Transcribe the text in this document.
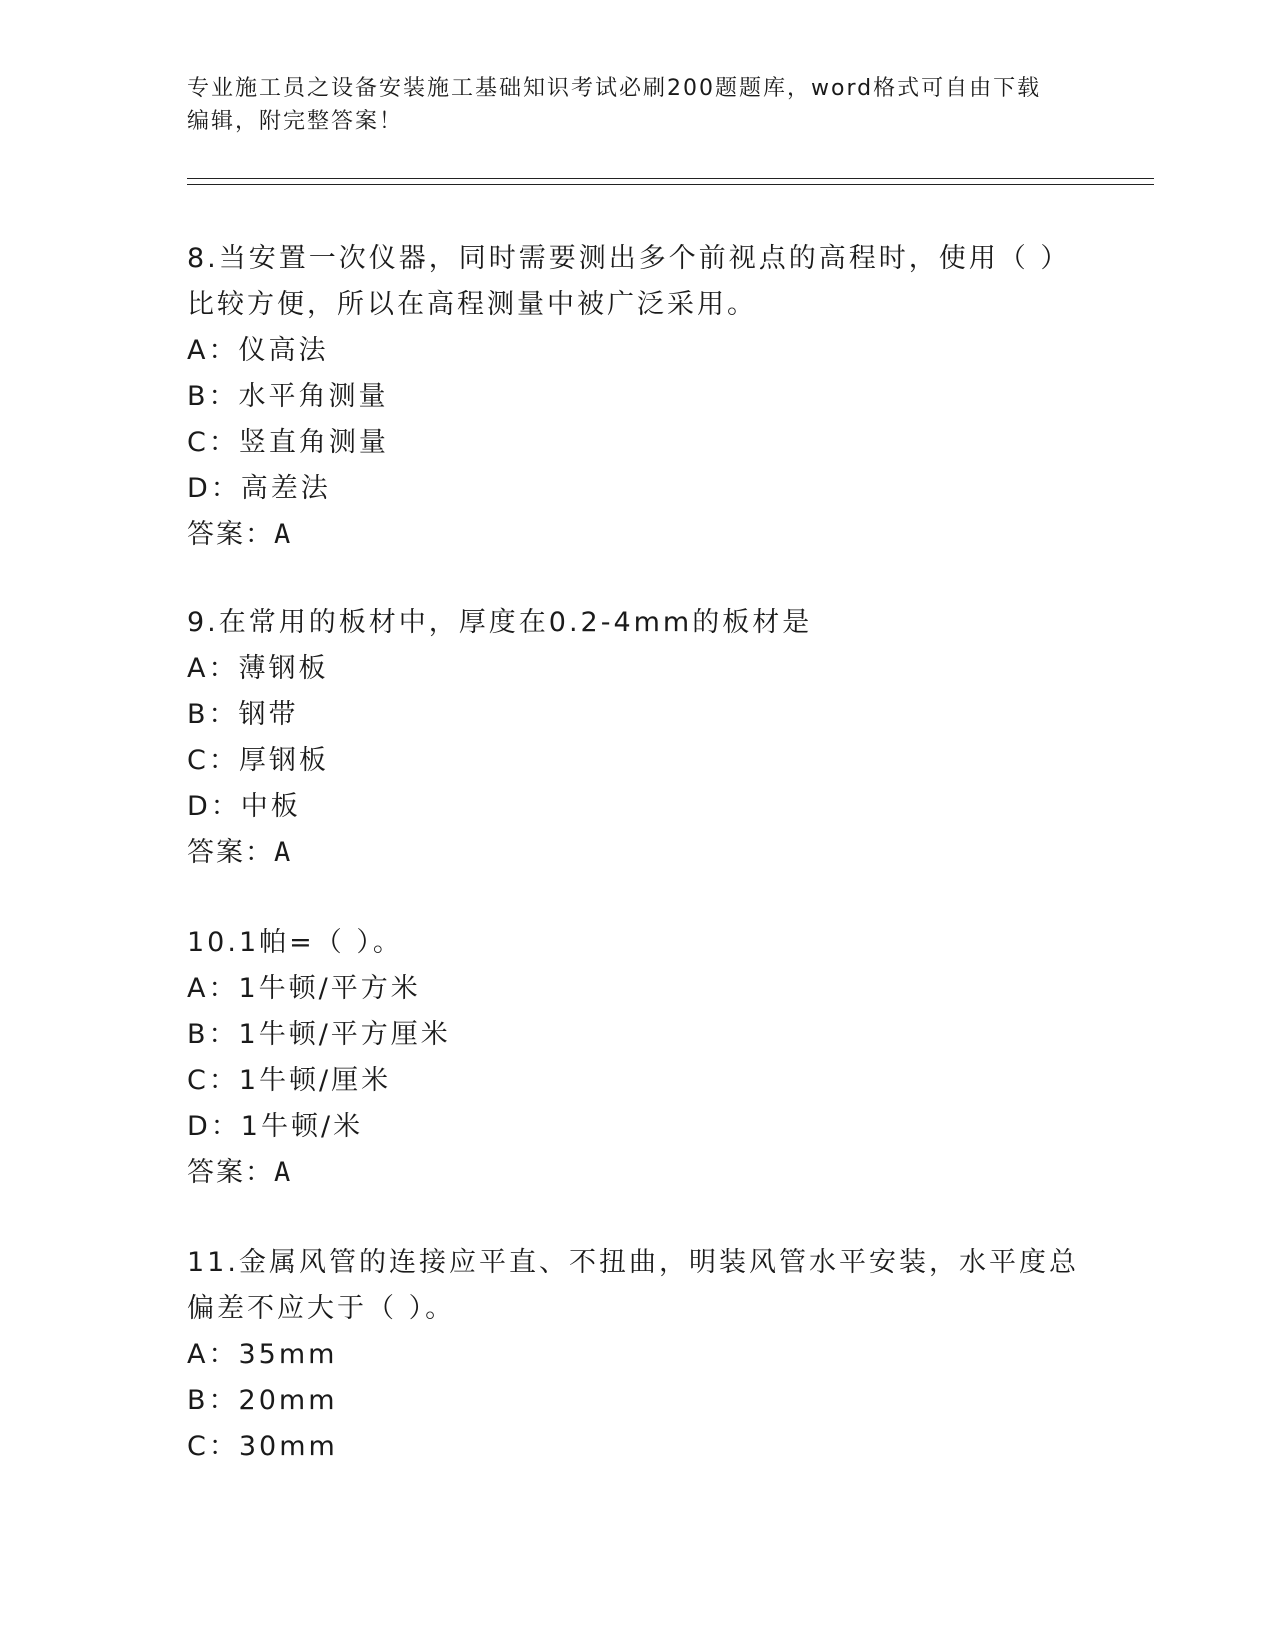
专业施工员之设备安装施工基础知识考试必刷200题题库，word格式可自由下载
编辑，附完整答案！

8.当安置一次仪器，同时需要测出多个前视点的高程时，使用（ ）比较方便，所以在高程测量中被广泛采用。

A：仪高法

B：水平角测量

C：竖直角测量

D：高差法

答案：A

9.在常用的板材中，厚度在0.2-4mm的板材是

A：薄钢板

B：钢带

C：厚钢板

D：中板

答案：A

10.1帕=（ ）。

A：1牛顿/平方米

B：1牛顿/平方厘米

C：1牛顿/厘米

D：1牛顿/米

答案：A

11.金属风管的连接应平直、不扭曲，明装风管水平安装，水平度总偏差不应大于（ ）。

A：35mm

B：20mm

C：30mm
